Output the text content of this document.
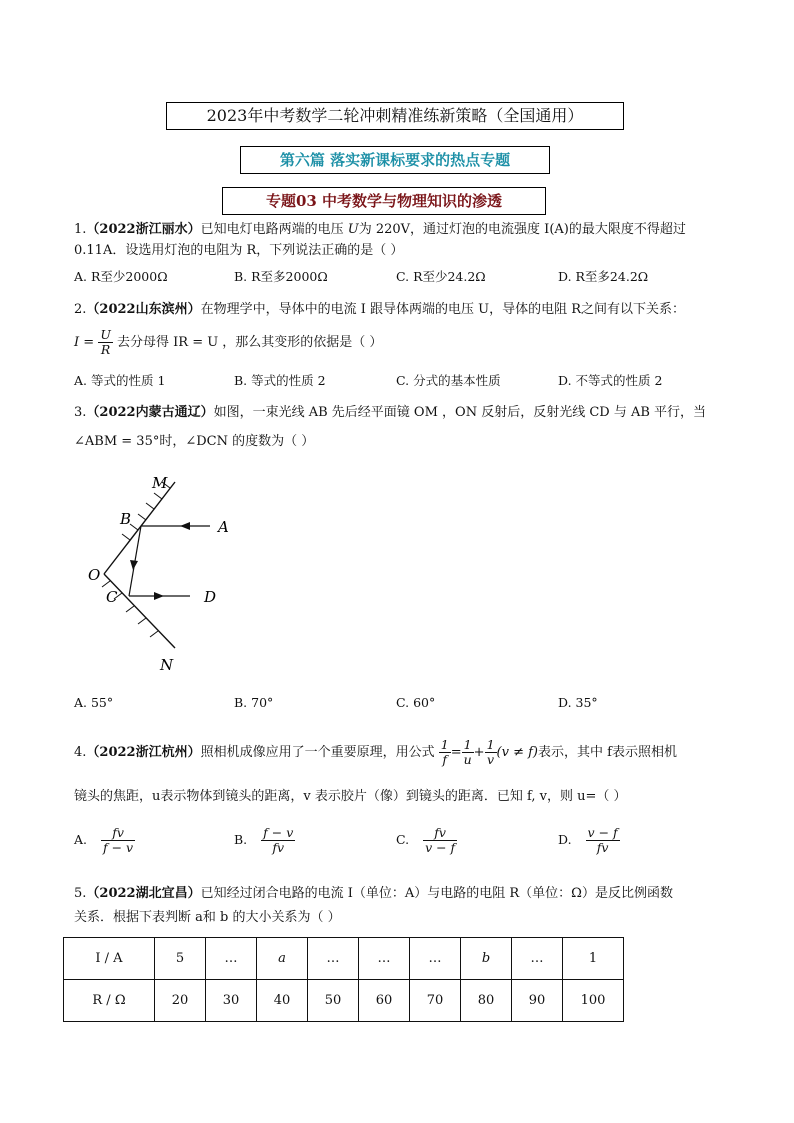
2023年中考数学二轮冲刺精准练新策略（全国通用）
第六篇 落实新课标要求的热点专题
专题03 中考数学与物理知识的渗透
1.（2022浙江丽水）已知电灯电路两端的电压 U为 220V，通过灯泡的电流强度 I(A)的最大限度不得超过
0.11A．设选用灯泡的电阻为 R，下列说法正确的是（ ）
A. R至少2000Ω	B. R至多2000Ω	C. R至少24.2Ω	D. R至多24.2Ω
2.（2022山东滨州）在物理学中，导体中的电流 I 跟导体两端的电压 U，导体的电阻 R之间有以下关系：
$I = \frac{U}{R}$ 去分母得 IR = U ，那么其变形的依据是（ ）
A. 等式的性质 1	B. 等式的性质 2	C. 分式的基本性质	D. 不等式的性质 2
3.（2022内蒙古通辽）如图，一束光线 AB 先后经平面镜 OM ，ON 反射后，反射光线 CD 与 AB 平行，当
∠ABM = 35°时，∠DCN 的度数为（ ）
M
B	A
O
C	D
N
A. 55°	B. 70°	C. 60°	D. 35°
4.（2022浙江杭州）照相机成像应用了一个重要原理，用公式 $\frac{1}{f} = \frac{1}{u} + \frac{1}{v} (v \ne f)$表示，其中 f表示照相机
镜头的焦距，u表示物体到镜头的距离，v 表示胶片（像）到镜头的距离．已知 f, v，则 u=（ ）
A. $\frac{fv}{f - v}$	B. $\frac{f - v}{fv}$	C. $\frac{fv}{v - f}$	D. $\frac{v - f}{fv}$
5.（2022湖北宜昌）已知经过闭合电路的电流 I（单位：A）与电路的电阻 R（单位：Ω）是反比例函数
关系．根据下表判断 a和 b 的大小关系为（ ）
I / A	5	…	a	…	…	…	b	…	1
R / Ω	20	30	40	50	60	70	80	90	100
